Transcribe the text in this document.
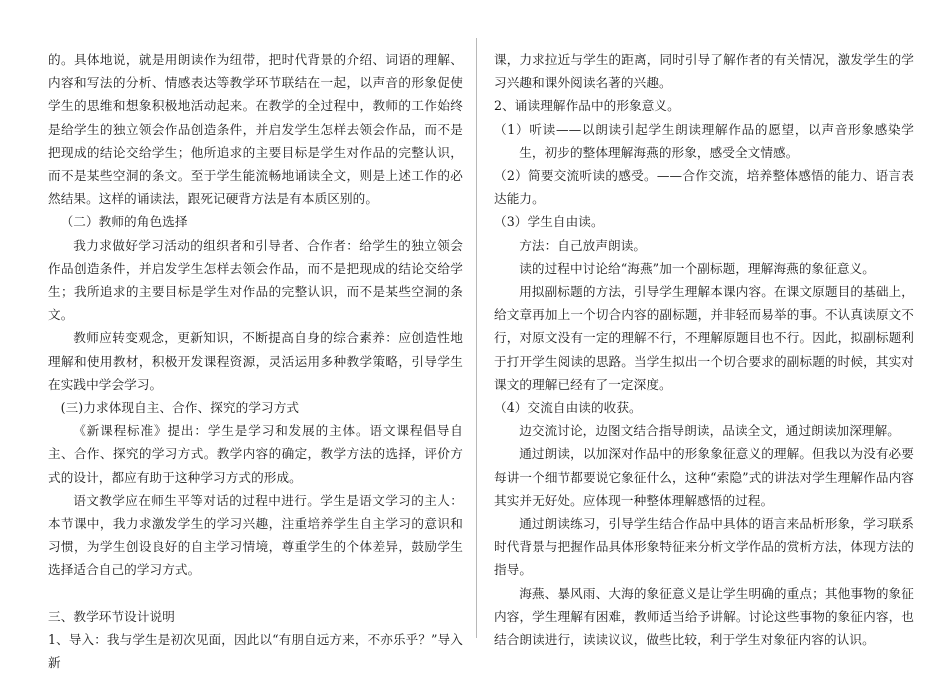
的。具体地说，就是用朗读作为纽带，把时代背景的介绍、词语的理解、内容和写法的分析、情感表达等教学环节联结在一起，以声音的形象促使学生的思维和想象积极地活动起来。在教学的全过程中，教师的工作始终是给学生的独立领会作品创造条件，并启发学生怎样去领会作品，而不是把现成的结论交给学生；他所追求的主要目标是学生对作品的完整认识，而不是某些空洞的条文。至于学生能流畅地诵读全文，则是上述工作的必然结果。这样的诵读法，跟死记硬背方法是有本质区别的。

（二）教师的角色选择

我力求做好学习活动的组织者和引导者、合作者：给学生的独立领会作品创造条件，并启发学生怎样去领会作品，而不是把现成的结论交给学生；我所追求的主要目标是学生对作品的完整认识，而不是某些空洞的条文。

教师应转变观念，更新知识，不断提高自身的综合素养：应创造性地理解和使用教材，积极开发课程资源，灵活运用多种教学策略，引导学生在实践中学会学习。

(三)力求体现自主、合作、探究的学习方式

《新课程标准》提出：学生是学习和发展的主体。语文课程倡导自主、合作、探究的学习方式。教学内容的确定，教学方法的选择，评价方式的设计，都应有助于这种学习方式的形成。

语文教学应在师生平等对话的过程中进行。学生是语文学习的主人：本节课中，我力求激发学生的学习兴趣，注重培养学生自主学习的意识和习惯，为学生创设良好的自主学习情境，尊重学生的个体差异，鼓励学生选择适合自己的学习方式。

三、教学环节设计说明

1、导入：我与学生是初次见面，因此以“有朋自远方来，不亦乐乎？”导入新

课，力求拉近与学生的距离，同时引导了解作者的有关情况，激发学生的学习兴趣和课外阅读名著的兴趣。

2、诵读理解作品中的形象意义。

（1）听读——以朗读引起学生朗读理解作品的愿望，以声音形象感染学生，初步的整体理解海燕的形象，感受全文情感。

（2）简要交流听读的感受。——合作交流，培养整体感悟的能力、语言表达能力。

（3）学生自由读。

方法：自己放声朗读。

读的过程中讨论给“海燕”加一个副标题，理解海燕的象征意义。

用拟副标题的方法，引导学生理解本课内容。在课文原题目的基础上，给文章再加上一个切合内容的副标题，并非轻而易举的事。不认真读原文不行，对原文没有一定的理解不行，不理解原题目也不行。因此，拟副标题利于打开学生阅读的思路。当学生拟出一个切合要求的副标题的时候，其实对课文的理解已经有了一定深度。

（4）交流自由读的收获。

边交流讨论，边图文结合指导朗读，品读全文，通过朗读加深理解。

通过朗读，以加深对作品中的形象象征意义的理解。但我以为没有必要每讲一个细节都要说它象征什么，这种“索隐”式的讲法对学生理解作品内容其实并无好处。应体现一种整体理解感悟的过程。

通过朗读练习，引导学生结合作品中具体的语言来品析形象，学习联系时代背景与把握作品具体形象特征来分析文学作品的赏析方法，体现方法的指导。

海燕、暴风雨、大海的象征意义是让学生明确的重点；其他事物的象征内容，学生理解有困难，教师适当给予讲解。讨论这些事物的象征内容，也结合朗读进行，读读议议，做些比较，利于学生对象征内容的认识。
